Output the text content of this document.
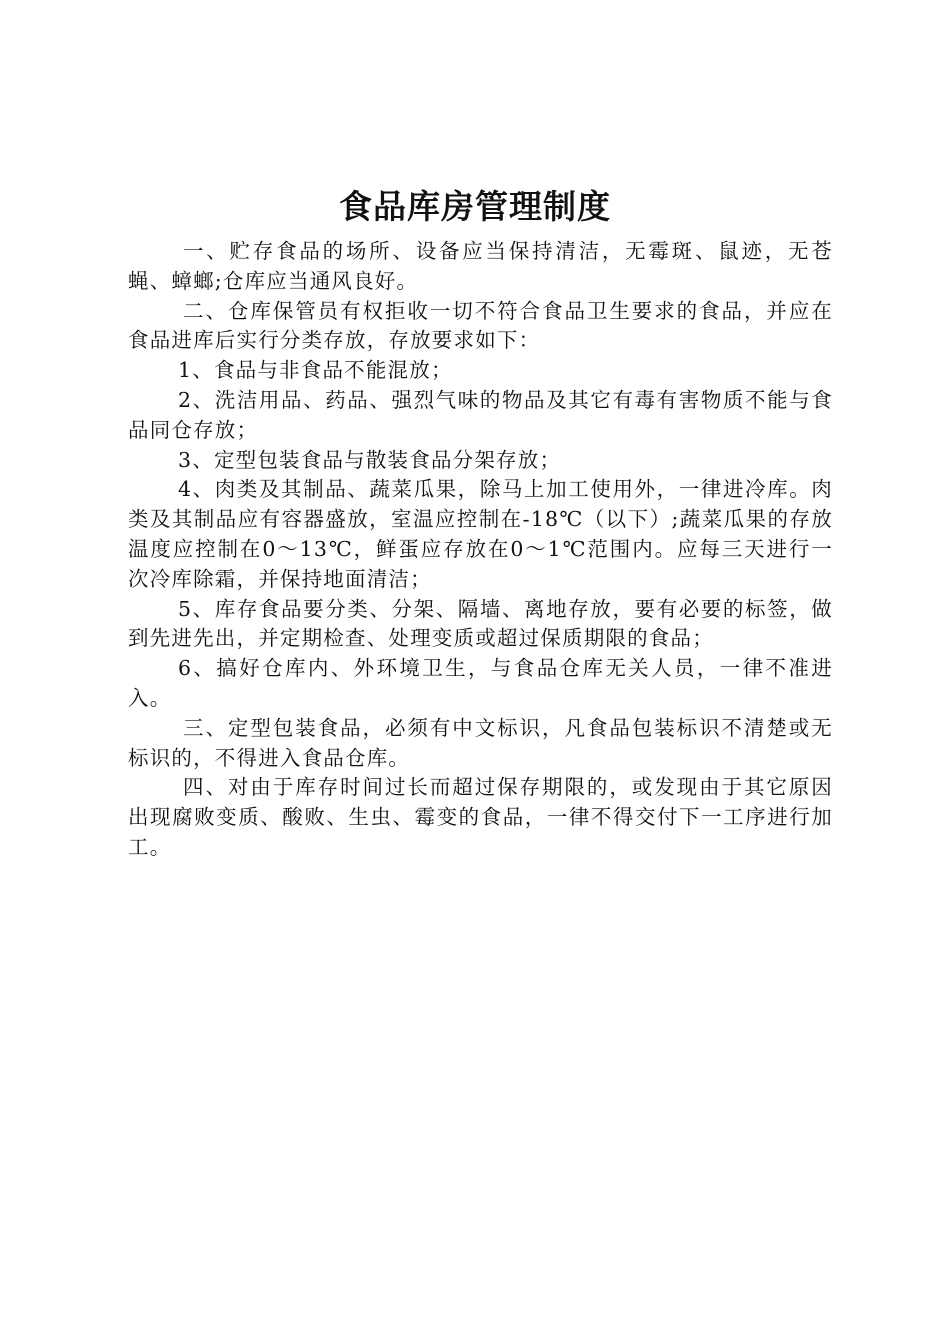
食品库房管理制度

一、贮存食品的场所、设备应当保持清洁，无霉斑、鼠迹，无苍蝇、蟑螂;仓库应当通风良好。

二、仓库保管员有权拒收一切不符合食品卫生要求的食品，并应在食品进库后实行分类存放，存放要求如下：

1、食品与非食品不能混放；

2、洗洁用品、药品、强烈气味的物品及其它有毒有害物质不能与食品同仓存放；

3、定型包装食品与散装食品分架存放；

4、肉类及其制品、蔬菜瓜果，除马上加工使用外，一律进冷库。肉类及其制品应有容器盛放，室温应控制在-18℃（以下）;蔬菜瓜果的存放温度应控制在0～13℃，鲜蛋应存放在0～1℃范围内。应每三天进行一次冷库除霜，并保持地面清洁；

5、库存食品要分类、分架、隔墙、离地存放，要有必要的标签，做到先进先出，并定期检查、处理变质或超过保质期限的食品；

6、搞好仓库内、外环境卫生，与食品仓库无关人员，一律不准进入。

三、定型包装食品，必须有中文标识，凡食品包装标识不清楚或无标识的，不得进入食品仓库。

四、对由于库存时间过长而超过保存期限的，或发现由于其它原因出现腐败变质、酸败、生虫、霉变的食品，一律不得交付下一工序进行加工。
